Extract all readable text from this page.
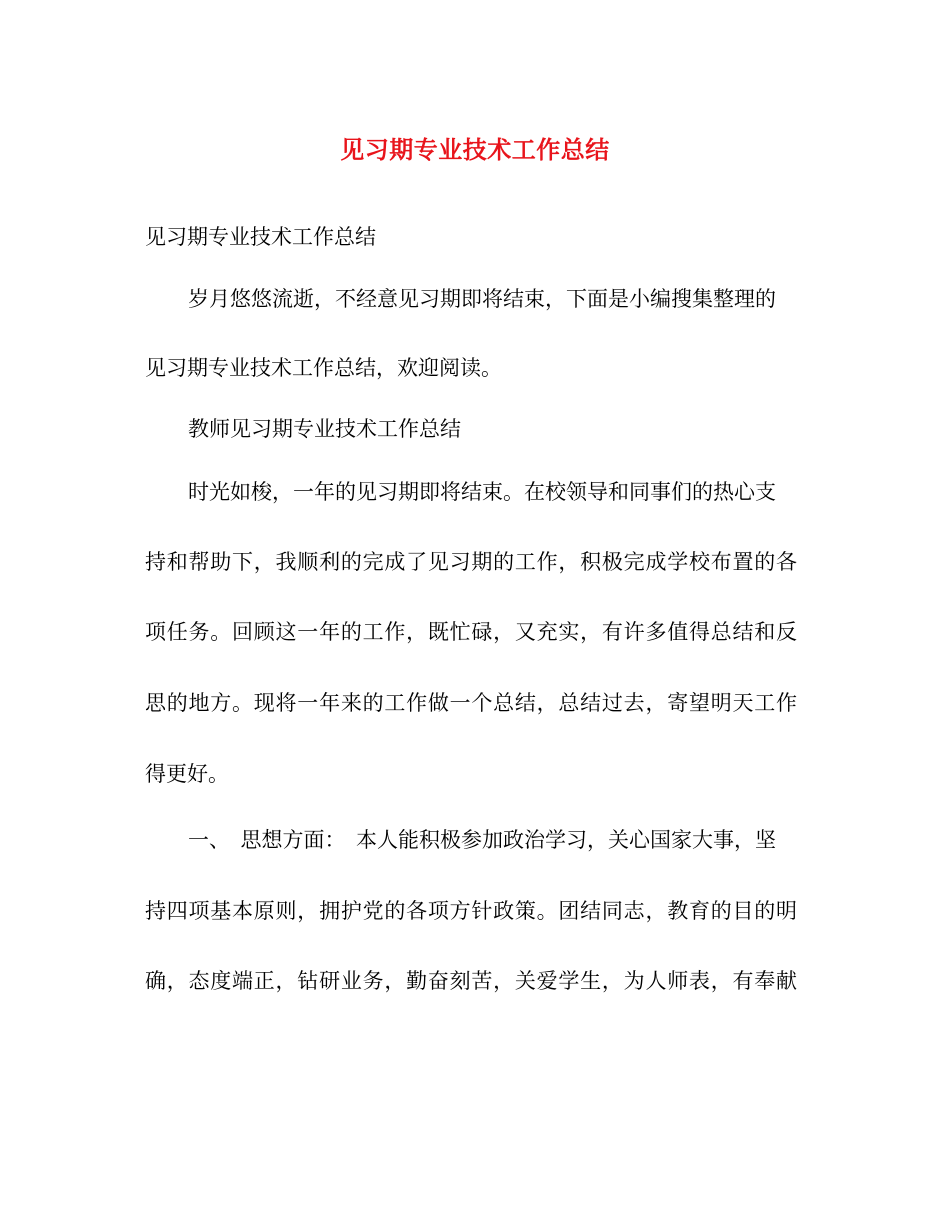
见习期专业技术工作总结
见习期专业技术工作总结
岁月悠悠流逝，不经意见习期即将结束，下面是小编搜集整理的
见习期专业技术工作总结，欢迎阅读。
教师见习期专业技术工作总结
时光如梭，一年的见习期即将结束。在校领导和同事们的热心支
持和帮助下，我顺利的完成了见习期的工作，积极完成学校布置的各
项任务。回顾这一年的工作，既忙碌，又充实，有许多值得总结和反
思的地方。现将一年来的工作做一个总结，总结过去，寄望明天工作
得更好。
一、　思想方面：　本人能积极参加政治学习，关心国家大事，坚
持四项基本原则，拥护党的各项方针政策。团结同志，教育的目的明
确，态度端正，钻研业务，勤奋刻苦，关爱学生，为人师表，有奉献
